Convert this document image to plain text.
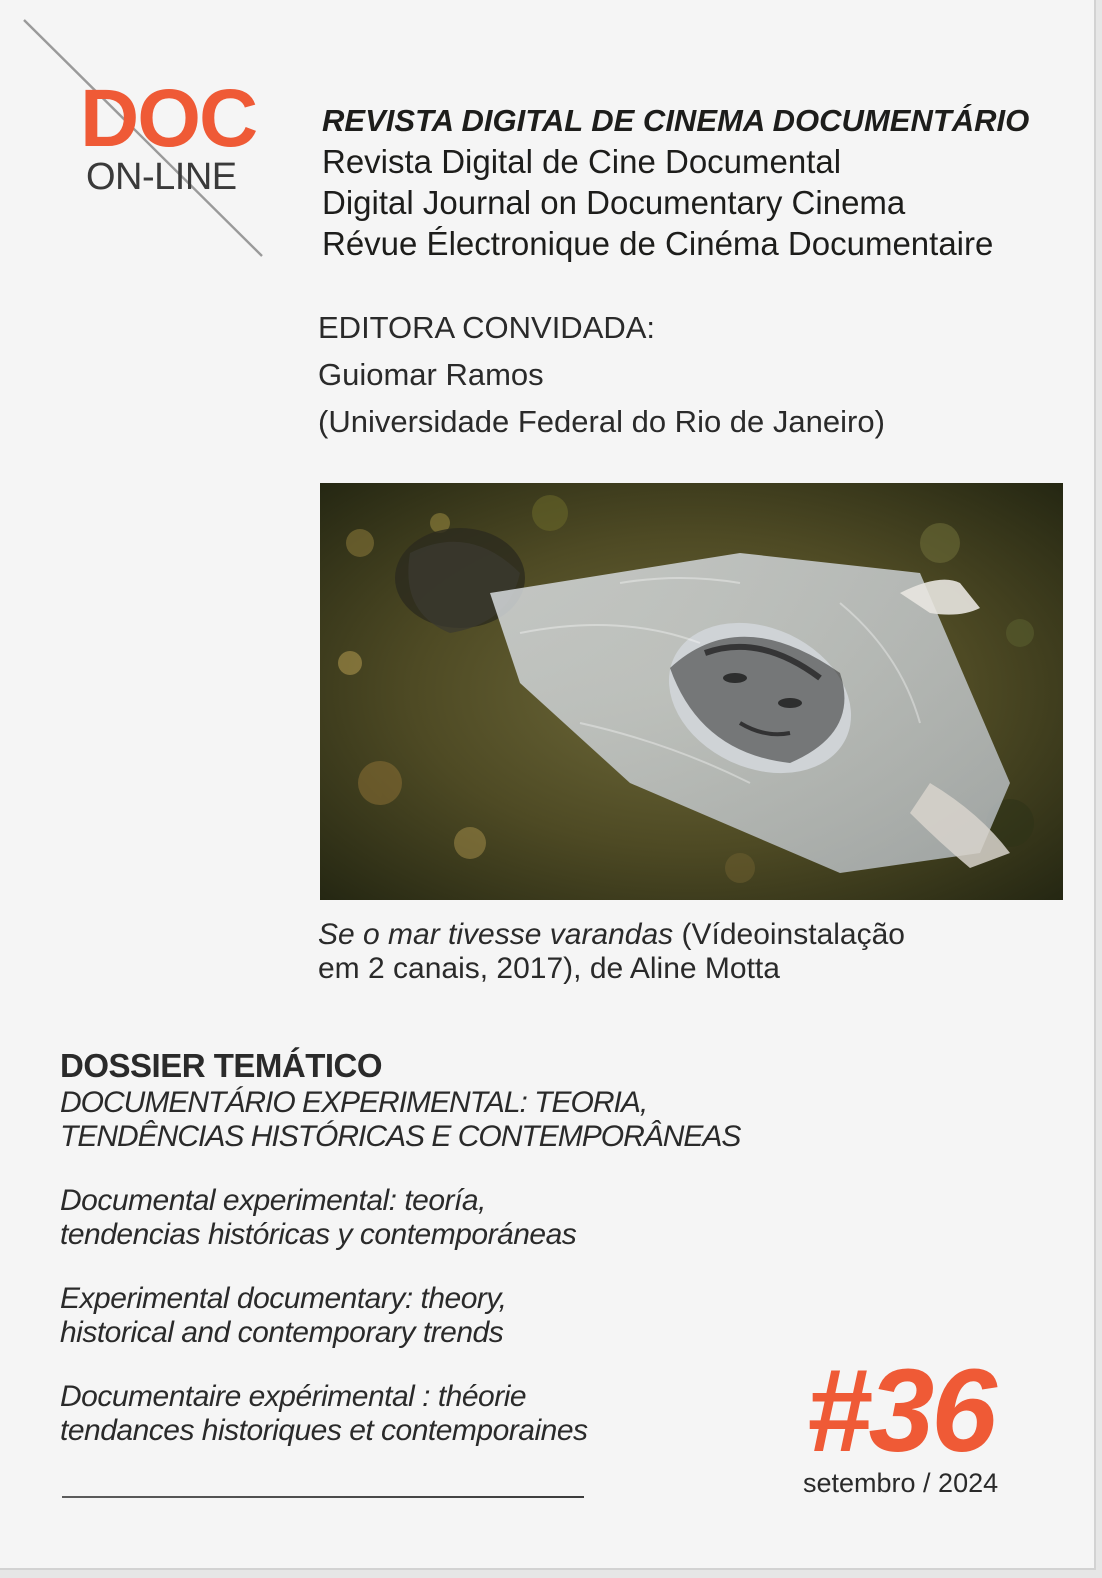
DOC
ON-LINE
REVISTA DIGITAL DE CINEMA DOCUMENTÁRIO
Revista Digital de Cine Documental
Digital Journal on Documentary Cinema
Révue Électronique de Cinéma Documentaire
EDITORA CONVIDADA:
Guiomar Ramos
(Universidade Federal do Rio de Janeiro)
Se o mar tivesse varandas (Vídeoinstalação
em 2 canais, 2017), de Aline Motta
DOSSIER TEMÁTICO
DOCUMENTÁRIO EXPERIMENTAL: TEORIA,
TENDÊNCIAS HISTÓRICAS E CONTEMPORÂNEAS
Documental experimental: teoría,
tendencias históricas y contemporáneas
Experimental documentary: theory,
historical and contemporary trends
Documentaire expérimental : théorie
tendances historiques et contemporaines	#36
setembro / 2024
